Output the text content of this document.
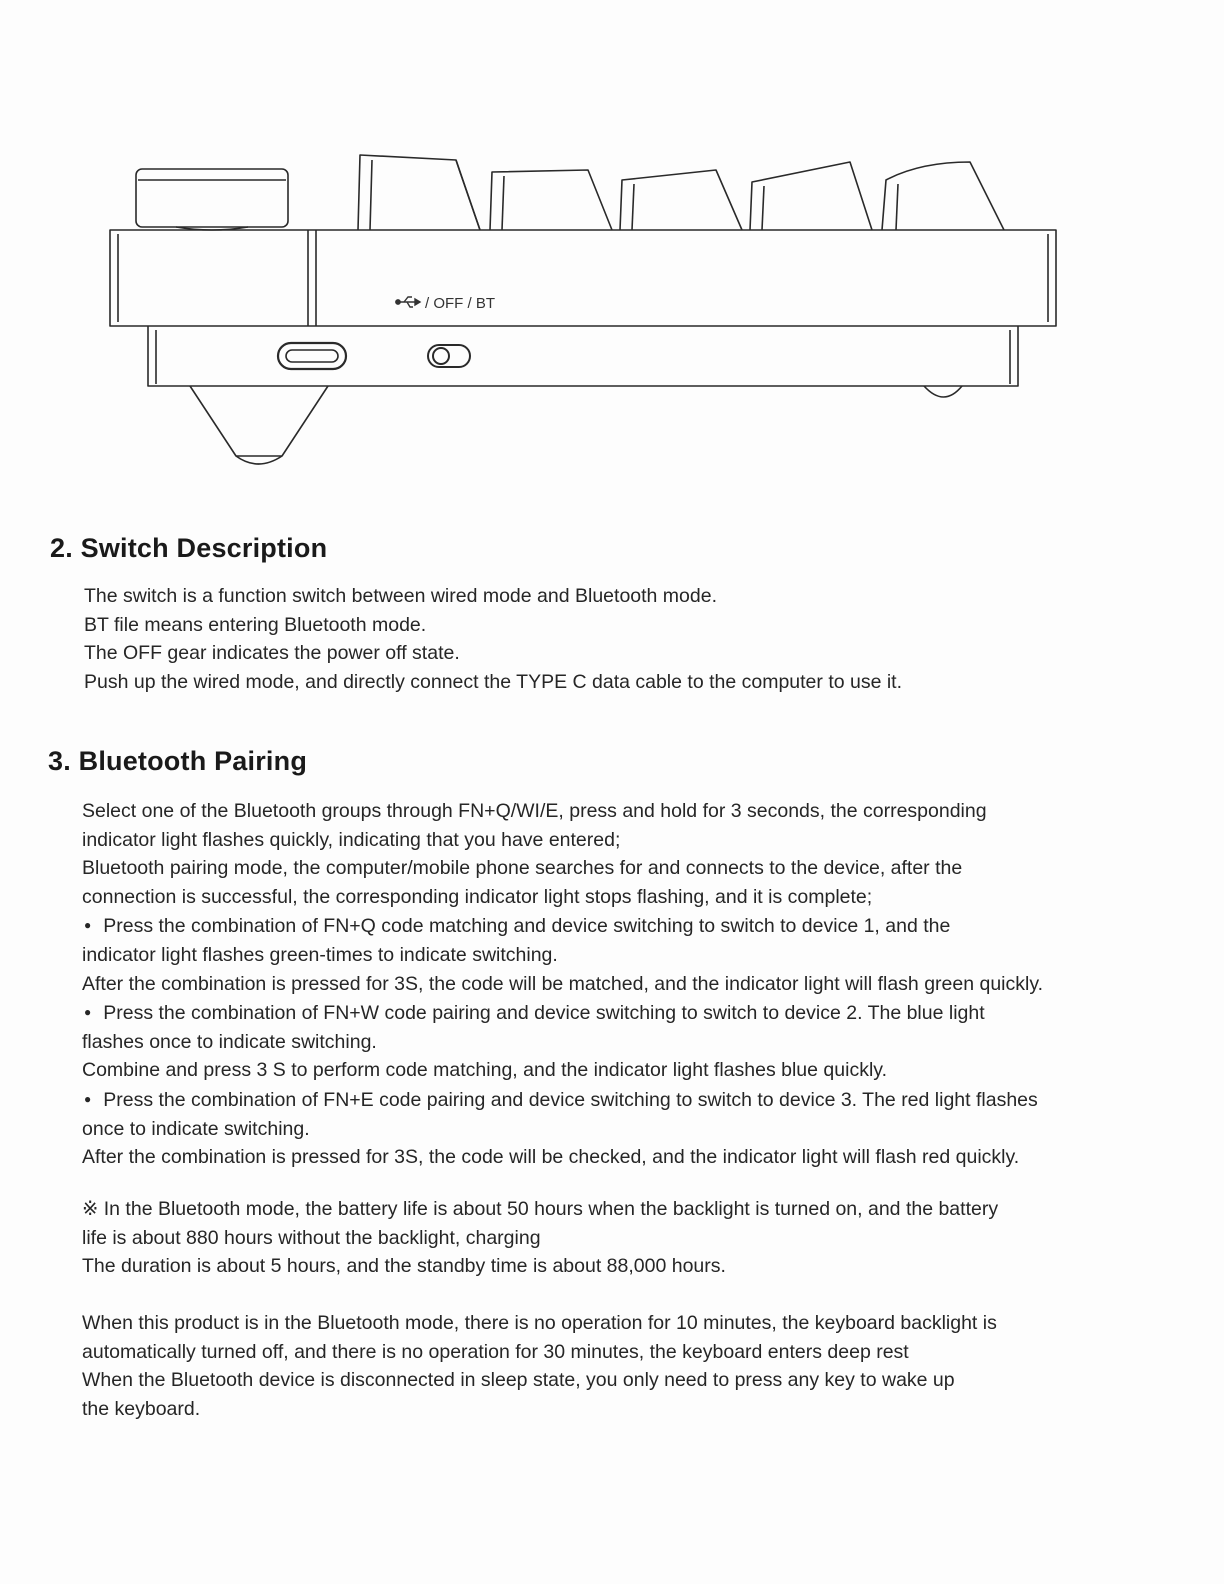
/ OFF / BT
2. Switch Description

The switch is a function switch between wired mode and Bluetooth mode.

BT file means entering Bluetooth mode.

The OFF gear indicates the power off state.

Push up the wired mode, and directly connect the TYPE C data cable to the computer to use it.

3. Bluetooth Pairing

Select one of the Bluetooth groups through FN+Q/WI/E, press and hold for 3 seconds, the corresponding

indicator light flashes quickly, indicating that you have entered;

Bluetooth pairing mode, the computer/mobile phone searches for and connects to the device, after the

connection is successful, the corresponding indicator light stops flashing, and it is complete;

● Press the combination of FN+Q code matching and device switching to switch to device 1, and the

indicator light flashes green-times to indicate switching.

After the combination is pressed for 3S, the code will be matched, and the indicator light will flash green quickly.

● Press the combination of FN+W code pairing and device switching to switch to device 2. The blue light

flashes once to indicate switching.

Combine and press 3 S to perform code matching, and the indicator light flashes blue quickly.

● Press the combination of FN+E code pairing and device switching to switch to device 3. The red light flashes

once to indicate switching.

After the combination is pressed for 3S, the code will be checked, and the indicator light will flash red quickly.

※ In the Bluetooth mode, the battery life is about 50 hours when the backlight is turned on, and the battery

life is about 880 hours without the backlight, charging

The duration is about 5 hours, and the standby time is about 88,000 hours.

When this product is in the Bluetooth mode, there is no operation for 10 minutes, the keyboard backlight is

automatically turned off, and there is no operation for 30 minutes, the keyboard enters deep rest

When the Bluetooth device is disconnected in sleep state, you only need to press any key to wake up

the keyboard.
